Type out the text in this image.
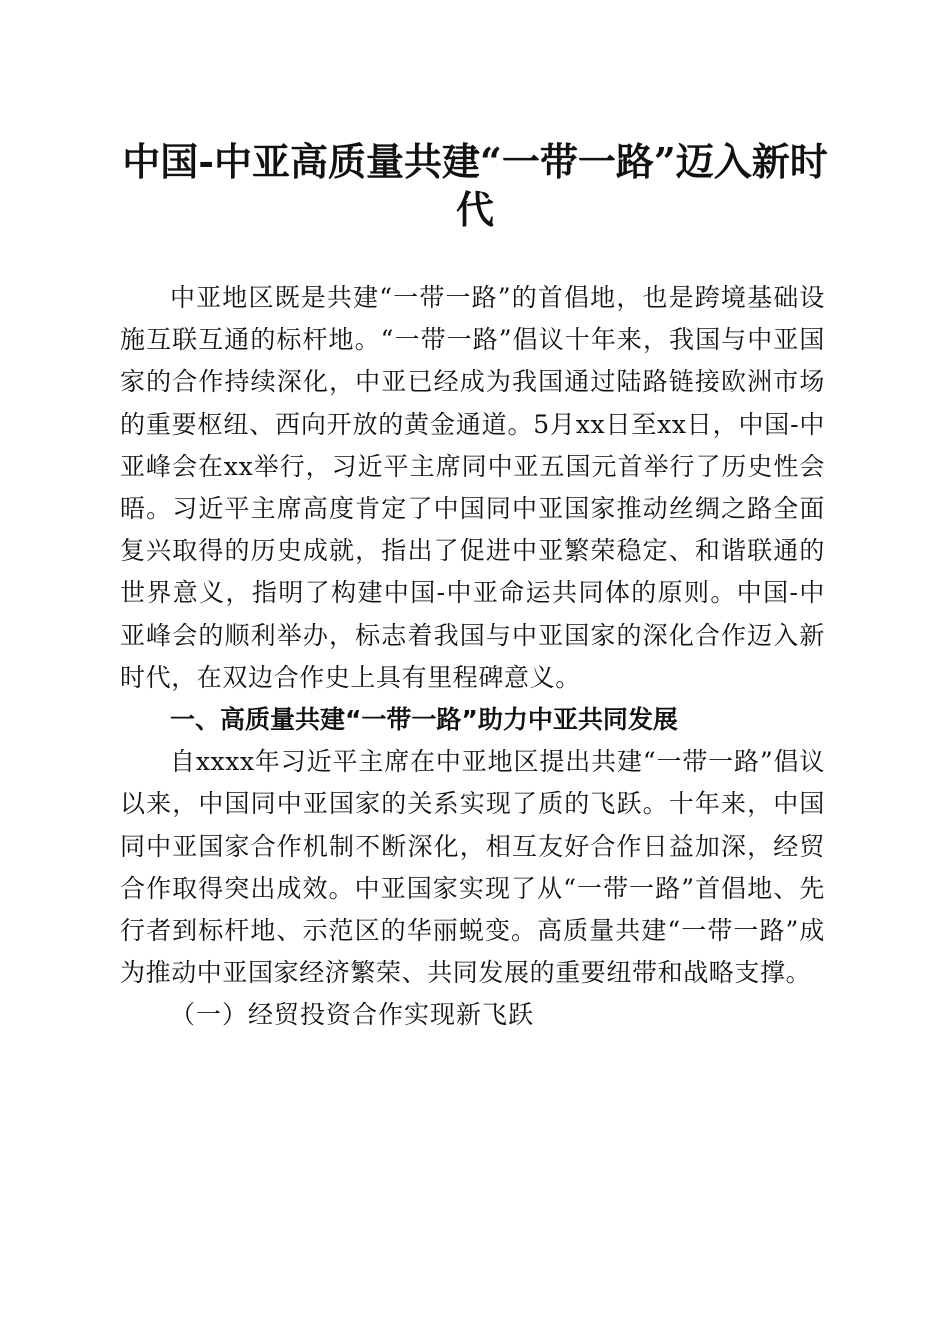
中国-中亚高质量共建“一带一路”迈入新时代

中亚地区既是共建“一带一路”的首倡地，也是跨境基础设施互联互通的标杆地。“一带一路”倡议十年来，我国与中亚国家的合作持续深化，中亚已经成为我国通过陆路链接欧洲市场的重要枢纽、西向开放的黄金通道。5月xx日至xx日，中国-中亚峰会在xx举行，习近平主席同中亚五国元首举行了历史性会晤。习近平主席高度肯定了中国同中亚国家推动丝绸之路全面复兴取得的历史成就，指出了促进中亚繁荣稳定、和谐联通的世界意义，指明了构建中国-中亚命运共同体的原则。中国-中亚峰会的顺利举办，标志着我国与中亚国家的深化合作迈入新时代，在双边合作史上具有里程碑意义。

一、高质量共建“一带一路”助力中亚共同发展

自xxxx年习近平主席在中亚地区提出共建“一带一路”倡议以来，中国同中亚国家的关系实现了质的飞跃。十年来，中国同中亚国家合作机制不断深化，相互友好合作日益加深，经贸合作取得突出成效。中亚国家实现了从“一带一路”首倡地、先行者到标杆地、示范区的华丽蜕变。高质量共建“一带一路”成为推动中亚国家经济繁荣、共同发展的重要纽带和战略支撑。

（一）经贸投资合作实现新飞跃
